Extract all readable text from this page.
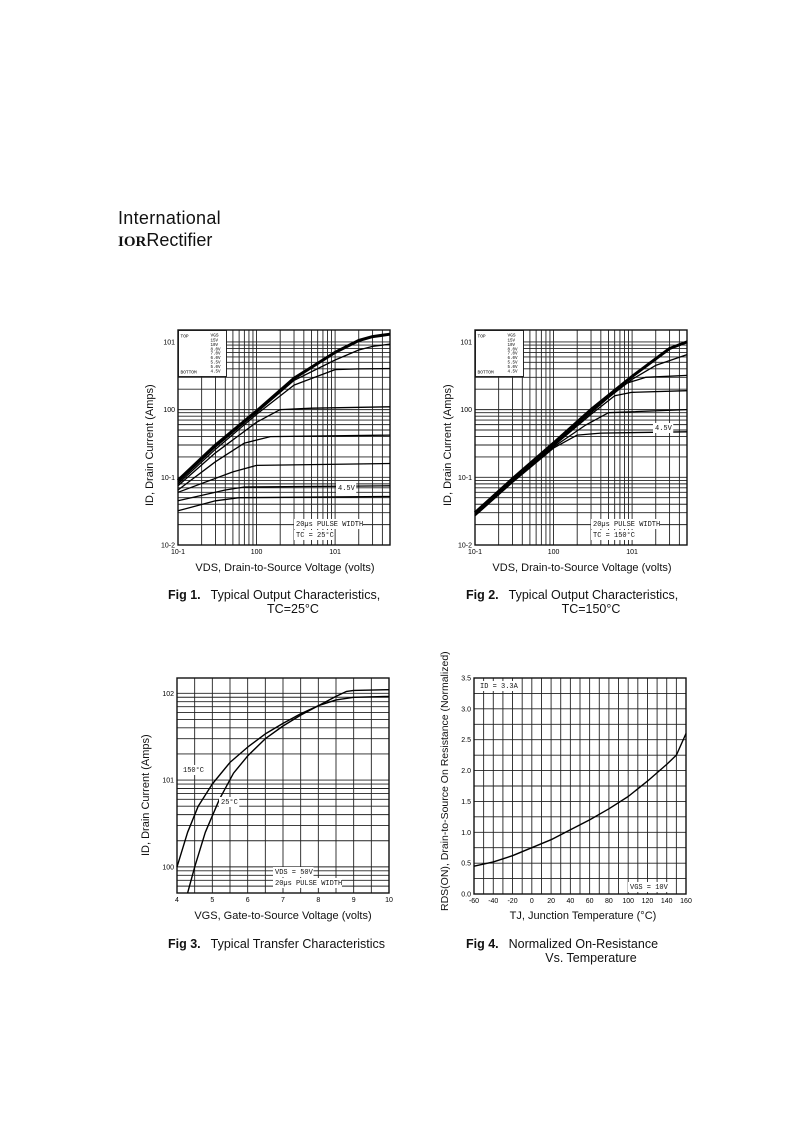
International
IORRectifier
10-1	100	101
10-2
10-1
100
101
TOP
BOTTOM
VGS
15V
10V
8.0V
7.0V
6.0V
5.5V
5.0V
4.5V
4.5V
20µs PULSE WIDTH
TC = 25°C
ID, Drain Current (Amps)
VDS, Drain-to-Source Voltage (volts)
Fig 1. Typical Output Characteristics,
TC=25°C
10-1	100	101
10-2
10-1
100
101
TOP
BOTTOM
VGS
15V
10V
8.0V
7.0V
6.0V
5.5V
5.0V
4.5V
4.5V
20µs PULSE WIDTH
TC = 150°C
ID, Drain Current (Amps)
VDS, Drain-to-Source Voltage (volts)
Fig 2. Typical Output Characteristics,
TC=150°C
4	5	6	7	8	9	10
100
101
102
150°C
25°C
VDS = 50V
20µs PULSE WIDTH
ID, Drain Current (Amps)
VGS, Gate-to-Source Voltage (volts)
Fig 3. Typical Transfer Characteristics
-60 -40 -20 0 20 40 60 80 100 120 140 160
0.0
0.5
1.0
1.5
2.0
2.5
3.0
3.5
ID = 3.3A
VGS = 10V
RDS(ON), Drain-to-Source On Resistance (Normalized)
TJ, Junction Temperature (°C)
Fig 4. Normalized On-Resistance
Vs. Temperature
